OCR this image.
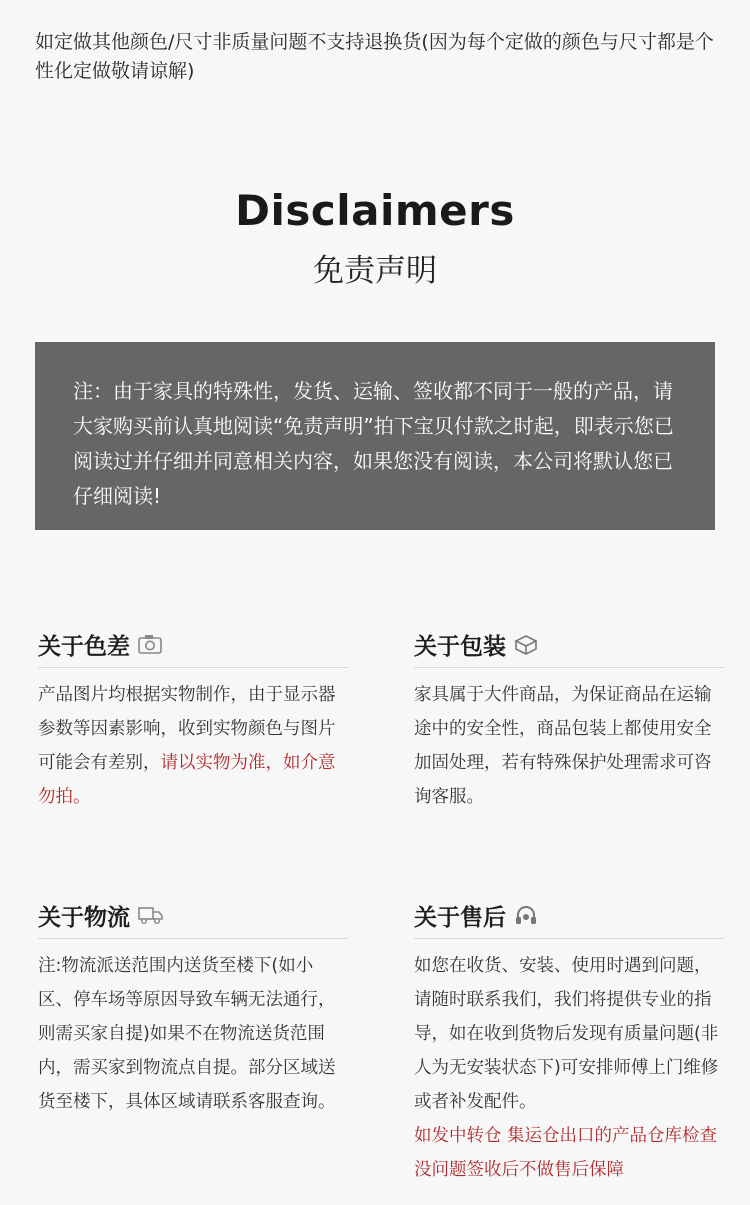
如定做其他颜色/尺寸非质量问题不支持退换货(因为每个定做的颜色与尺寸都是个性化定做敬请谅解)
Disclaimers
免责声明
注：由于家具的特殊性，发货、运输、签收都不同于一般的产品，请大家购买前认真地阅读“免责声明”拍下宝贝付款之时起，即表示您已阅读过并仔细并同意相关内容，如果您没有阅读，本公司将默认您已仔细阅读!
关于色差
产品图片均根据实物制作，由于显示器参数等因素影响，收到实物颜色与图片可能会有差别，请以实物为准，如介意勿拍。
关于包装
家具属于大件商品，为保证商品在运输途中的安全性，商品包装上都使用安全加固处理，若有特殊保护处理需求可咨询客服。
关于物流
注:物流派送范围内送货至楼下(如小区、停车场等原因导致车辆无法通行，则需买家自提)如果不在物流送货范围内，需买家到物流点自提。部分区域送货至楼下，具体区域请联系客服查询。
关于售后
如您在收货、安装、使用时遇到问题，请随时联系我们，我们将提供专业的指导，如在收到货物后发现有质量问题(非人为无安装状态下)可安排师傅上门维修或者补发配件。
如发中转仓 集运仓出口的产品仓库检查没问题签收后不做售后保障
